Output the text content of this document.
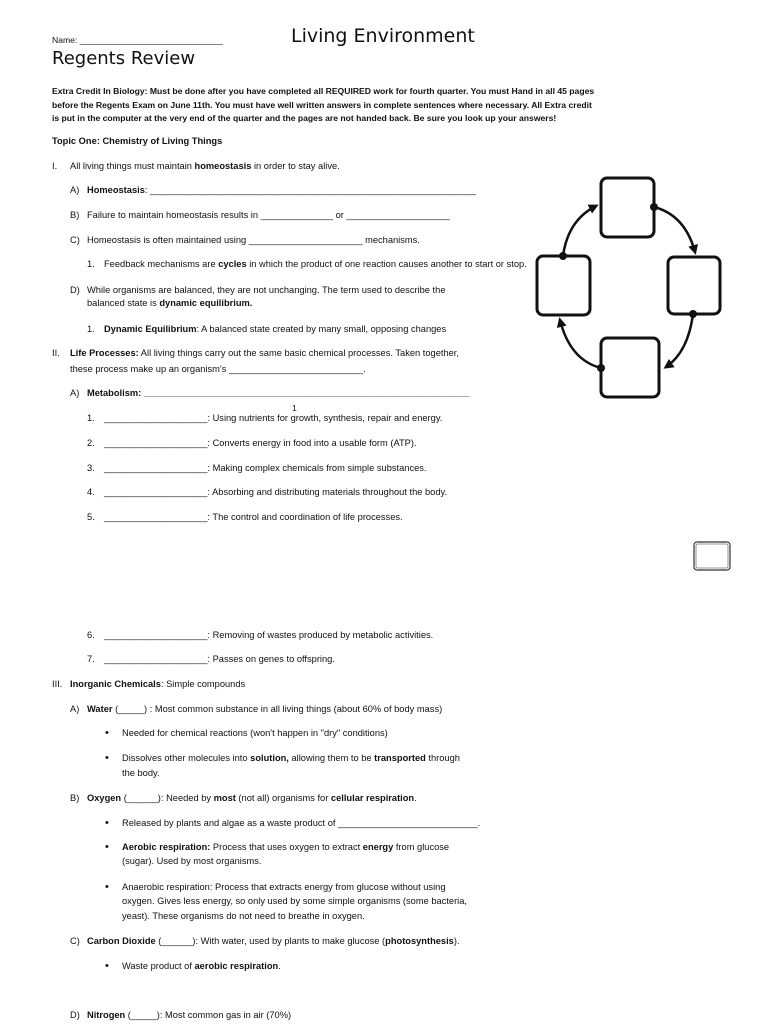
Name: ______________________________	Living Environment
Regents Review
Extra Credit In Biology: Must be done after you have completed all REQUIRED work for fourth quarter. You must Hand in all 45 pages before the Regents Exam on June 11th. You must have well written answers in complete sentences where necessary. All Extra credit is put in the computer at the very end of the quarter and the pages are not handed back. Be sure you look up your answers!
Topic One: Chemistry of Living Things
I. All living things must maintain homeostasis in order to stay alive.
A) Homeostasis: _______________________________________________________________
B) Failure to maintain homeostasis results in ______________ or ____________________
C) Homeostasis is often maintained using ______________________ mechanisms.
1. Feedback mechanisms are cycles in which the product of one reaction causes another to start or stop.
D) While organisms are balanced, they are not unchanging. The term used to describe the
balanced state is dynamic equilibrium.
1. Dynamic Equilibrium: A balanced state created by many small, opposing changes
II. Life Processes: All living things carry out the same basic chemical processes. Taken together,
these process make up an organism's __________________________.
A) Metabolism: _______________________________________________________________
1
1. ____________________: Using nutrients for growth, synthesis, repair and energy.
2. ____________________: Converts energy in food into a usable form (ATP).
3. ____________________: Making complex chemicals from simple substances.
4. ____________________: Absorbing and distributing materials throughout the body.
5. ____________________: The control and coordination of life processes.
6. ____________________: Removing of wastes produced by metabolic activities.
7. ____________________: Passes on genes to offspring.
III. Inorganic Chemicals: Simple compounds
A) Water (_____) : Most common substance in all living things (about 60% of body mass)
• Needed for chemical reactions (won't happen in "dry" conditions)
• Dissolves other molecules into solution, allowing them to be transported through
the body.
B) Oxygen (______): Needed by most (not all) organisms for cellular respiration.
• Released by plants and algae as a waste product of ___________________________.
• Aerobic respiration: Process that uses oxygen to extract energy from glucose
(sugar). Used by most organisms.
• Anaerobic respiration: Process that extracts energy from glucose without using
oxygen. Gives less energy, so only used by some simple organisms (some bacteria,
yeast). These organisms do not need to breathe in oxygen.
C) Carbon Dioxide (______): With water, used by plants to make glucose (photosynthesis).
• Waste product of aerobic respiration.
D) Nitrogen (_____): Most common gas in air (70%)
